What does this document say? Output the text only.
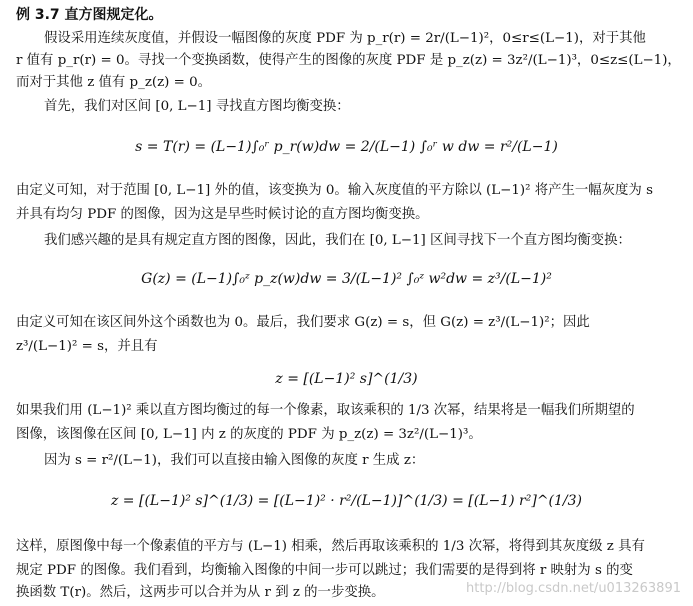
例 3.7 直方图规定化。
假设采用连续灰度值，并假设一幅图像的灰度 PDF 为 p_r(r) = 2r/(L−1)²，0≤r≤(L−1)，对于其他
r 值有 p_r(r) = 0。寻找一个变换函数，使得产生的图像的灰度 PDF 是 p_z(z) = 3z²/(L−1)³，0≤z≤(L−1)，
而对于其他 z 值有 p_z(z) = 0。
首先，我们对区间 [0, L−1] 寻找直方图均衡变换：
s = T(r) = (L−1)∫₀ʳ p_r(w)dw = 2/(L−1) ∫₀ʳ w dw = r²/(L−1)
由定义可知，对于范围 [0, L−1] 外的值，该变换为 0。输入灰度值的平方除以 (L−1)² 将产生一幅灰度为 s
并具有均匀 PDF 的图像，因为这是早些时候讨论的直方图均衡变换。
我们感兴趣的是具有规定直方图的图像，因此，我们在 [0, L−1] 区间寻找下一个直方图均衡变换：
G(z) = (L−1)∫₀ᶻ p_z(w)dw = 3/(L−1)² ∫₀ᶻ w²dw = z³/(L−1)²
由定义可知在该区间外这个函数也为 0。最后，我们要求 G(z) = s，但 G(z) = z³/(L−1)²；因此
z³/(L−1)² = s，并且有
z = [(L−1)² s]^(1/3)
如果我们用 (L−1)² 乘以直方图均衡过的每一个像素，取该乘积的 1/3 次幂，结果将是一幅我们所期望的
图像，该图像在区间 [0, L−1] 内 z 的灰度的 PDF 为 p_z(z) = 3z²/(L−1)³。
因为 s = r²/(L−1)，我们可以直接由输入图像的灰度 r 生成 z：
z = [(L−1)² s]^(1/3) = [(L−1)² · r²/(L−1)]^(1/3) = [(L−1) r²]^(1/3)
这样，原图像中每一个像素值的平方与 (L−1) 相乘，然后再取该乘积的 1/3 次幂，将得到其灰度级 z 具有
规定 PDF 的图像。我们看到，均衡输入图像的中间一步可以跳过；我们需要的是得到将 r 映射为 s 的变
换函数 T(r)。然后，这两步可以合并为从 r 到 z 的一步变换。	http://blog.csdn.net/u013263891
